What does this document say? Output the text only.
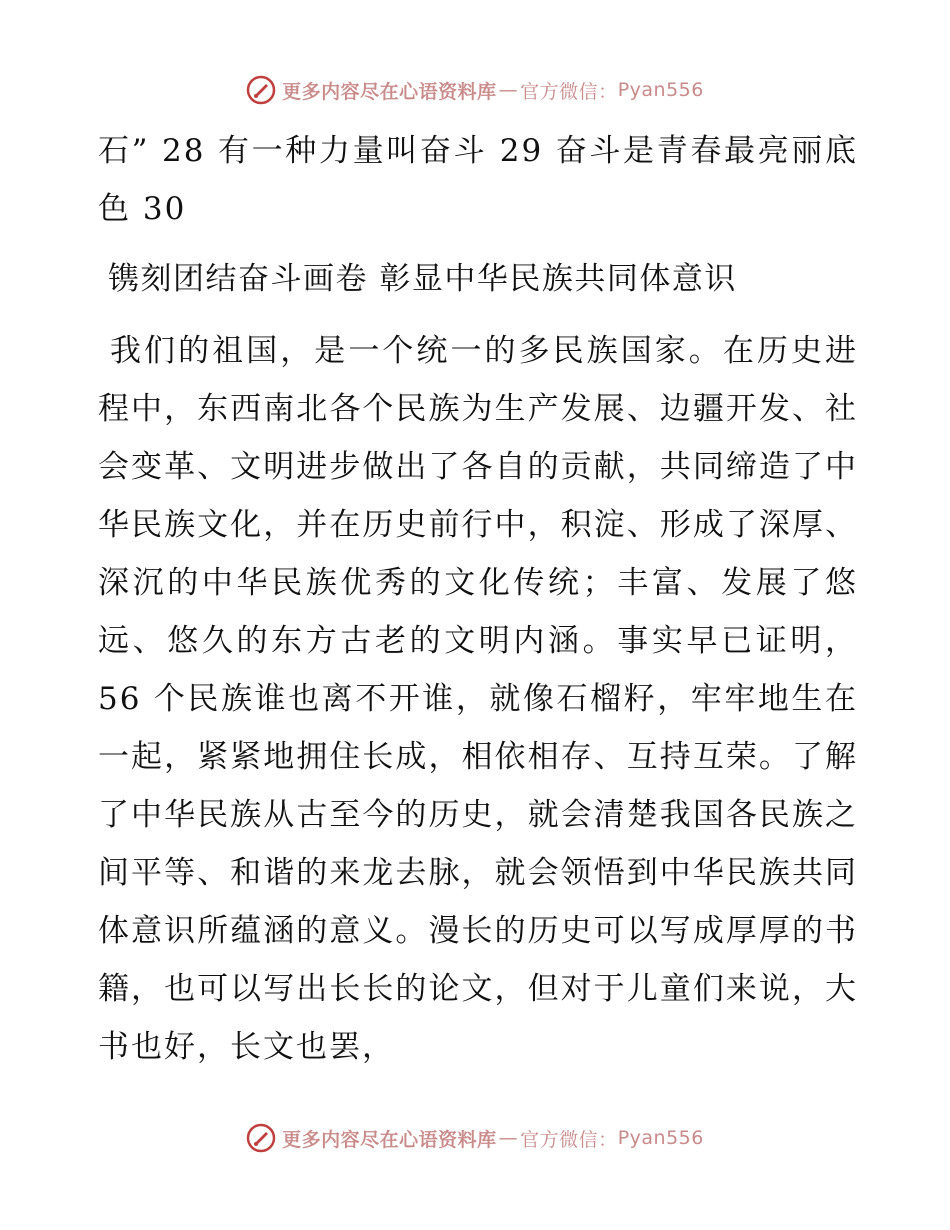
更多内容尽在心语资料库 — 官方微信： Pyan556

石” 28 有一种力量叫奋斗 29 奋斗是青春最亮丽底色 30

镌刻团结奋斗画卷 彰显中华民族共同体意识

我们的祖国，是一个统一的多民族国家。在历史进程中，东西南北各个民族为生产发展、边疆开发、社会变革、文明进步做出了各自的贡献，共同缔造了中华民族文化，并在历史前行中，积淀、形成了深厚、深沉的中华民族优秀的文化传统；丰富、发展了悠远、悠久的东方古老的文明内涵。事实早已证明，56 个民族谁也离不开谁，就像石榴籽，牢牢地生在一起，紧紧地拥住长成，相依相存、互持互荣。了解了中华民族从古至今的历史，就会清楚我国各民族之间平等、和谐的来龙去脉，就会领悟到中华民族共同体意识所蕴涵的意义。漫长的历史可以写成厚厚的书籍，也可以写出长长的论文，但对于儿童们来说，大书也好，长文也罢，

更多内容尽在心语资料库 — 官方微信： Pyan556
